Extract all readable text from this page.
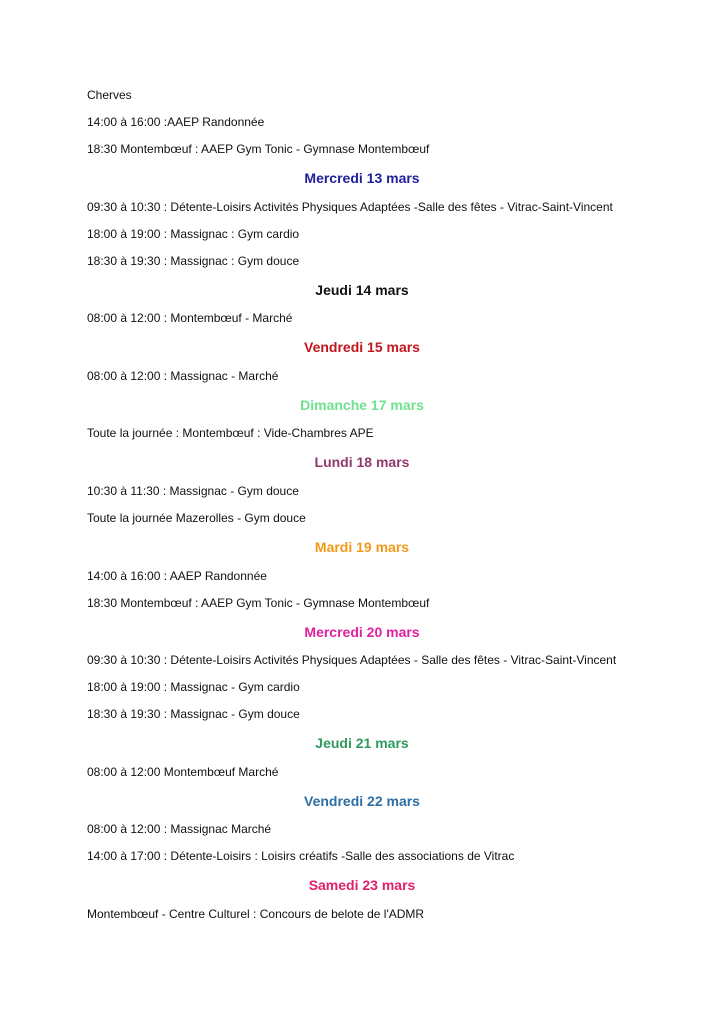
Cherves
14:00 à 16:00 :AAEP Randonnée
18:30 Montembœuf : AAEP Gym Tonic - Gymnase Montembœuf
Mercredi 13 mars
09:30 à 10:30 : Détente-Loisirs Activités Physiques Adaptées -Salle des fêtes - Vitrac-Saint-Vincent
18:00 à 19:00 : Massignac : Gym cardio
18:30 à 19:30 : Massignac : Gym douce
Jeudi 14 mars
08:00 à 12:00 : Montembœuf - Marché
Vendredi 15 mars
08:00 à 12:00 : Massignac - Marché
Dimanche 17 mars
Toute la journée : Montembœuf : Vide-Chambres APE
Lundi 18 mars
10:30 à 11:30 : Massignac - Gym douce
Toute la journée Mazerolles - Gym douce
Mardi 19 mars
14:00 à 16:00 : AAEP Randonnée
18:30 Montembœuf : AAEP Gym Tonic - Gymnase Montembœuf
Mercredi 20 mars
09:30 à 10:30 : Détente-Loisirs Activités Physiques Adaptées - Salle des fêtes - Vitrac-Saint-Vincent
18:00 à 19:00 : Massignac - Gym cardio
18:30 à 19:30 : Massignac - Gym douce
Jeudi 21 mars
08:00 à 12:00 Montembœuf Marché
Vendredi 22 mars
08:00 à 12:00 : Massignac Marché
14:00 à 17:00 : Détente-Loisirs : Loisirs créatifs -Salle des associations de Vitrac
Samedi 23 mars
Montembœuf - Centre Culturel : Concours de belote de l'ADMR
